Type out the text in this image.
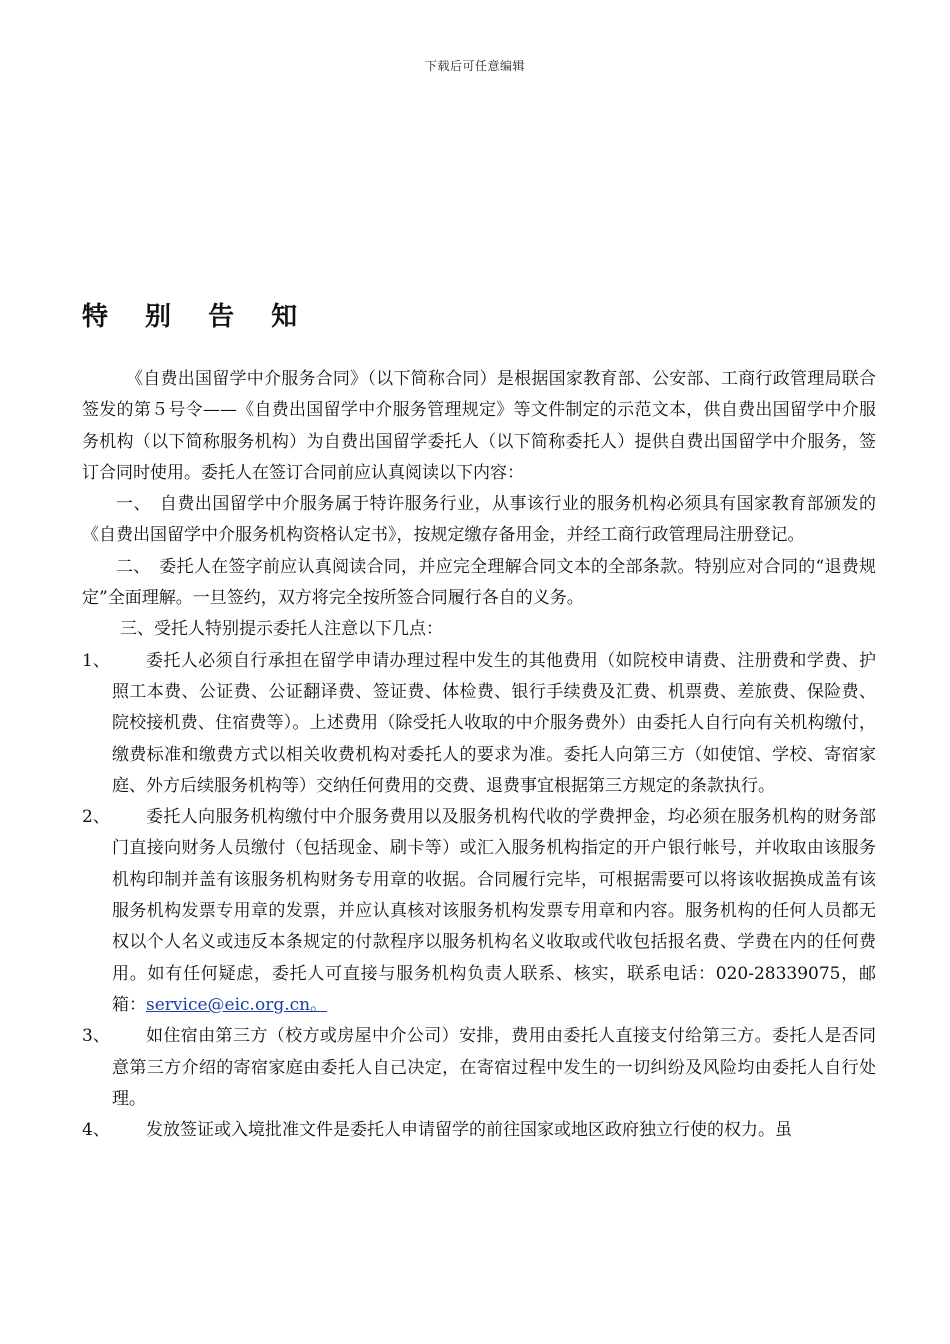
下载后可任意编辑
特 别 告 知

《自费出国留学中介服务合同》（以下简称合同）是根据国家教育部、公安部、工商行政管理局联合签发的第５号令——《自费出国留学中介服务管理规定》等文件制定的示范文本，供自费出国留学中介服务机构（以下简称服务机构）为自费出国留学委托人（以下简称委托人）提供自费出国留学中介服务，签订合同时使用。委托人在签订合同前应认真阅读以下内容：

一、　自费出国留学中介服务属于特许服务行业，从事该行业的服务机构必须具有国家教育部颁发的《自费出国留学中介服务机构资格认定书》，按规定缴存备用金，并经工商行政管理局注册登记。

二、　委托人在签字前应认真阅读合同，并应完全理解合同文本的全部条款。特别应对合同的“退费规定”全面理解。一旦签约，双方将完全按所签合同履行各自的义务。

三、受托人特别提示委托人注意以下几点：

1、	委托人必须自行承担在留学申请办理过程中发生的其他费用（如院校申请费、注册费和学费、护照工本费、公证费、公证翻译费、签证费、体检费、银行手续费及汇费、机票费、差旅费、保险费、院校接机费、住宿费等）。上述费用（除受托人收取的中介服务费外）由委托人自行向有关机构缴付，缴费标准和缴费方式以相关收费机构对委托人的要求为准。委托人向第三方（如使馆、学校、寄宿家庭、外方后续服务机构等）交纳任何费用的交费、退费事宜根据第三方规定的条款执行。

2、	委托人向服务机构缴付中介服务费用以及服务机构代收的学费押金，均必须在服务机构的财务部门直接向财务人员缴付（包括现金、刷卡等）或汇入服务机构指定的开户银行帐号，并收取由该服务机构印制并盖有该服务机构财务专用章的收据。合同履行完毕，可根据需要可以将该收据换成盖有该服务机构发票专用章的发票，并应认真核对该服务机构发票专用章和内容。服务机构的任何人员都无权以个人名义或违反本条规定的付款程序以服务机构名义收取或代收包括报名费、学费在内的任何费用。如有任何疑虑，委托人可直接与服务机构负责人联系、核实，联系电话：020-28339075，邮箱：service@eic.org.cn。

3、	如住宿由第三方（校方或房屋中介公司）安排，费用由委托人直接支付给第三方。委托人是否同意第三方介绍的寄宿家庭由委托人自己决定，在寄宿过程中发生的一切纠纷及风险均由委托人自行处理。

4、	发放签证或入境批准文件是委托人申请留学的前往国家或地区政府独立行使的权力。虽
